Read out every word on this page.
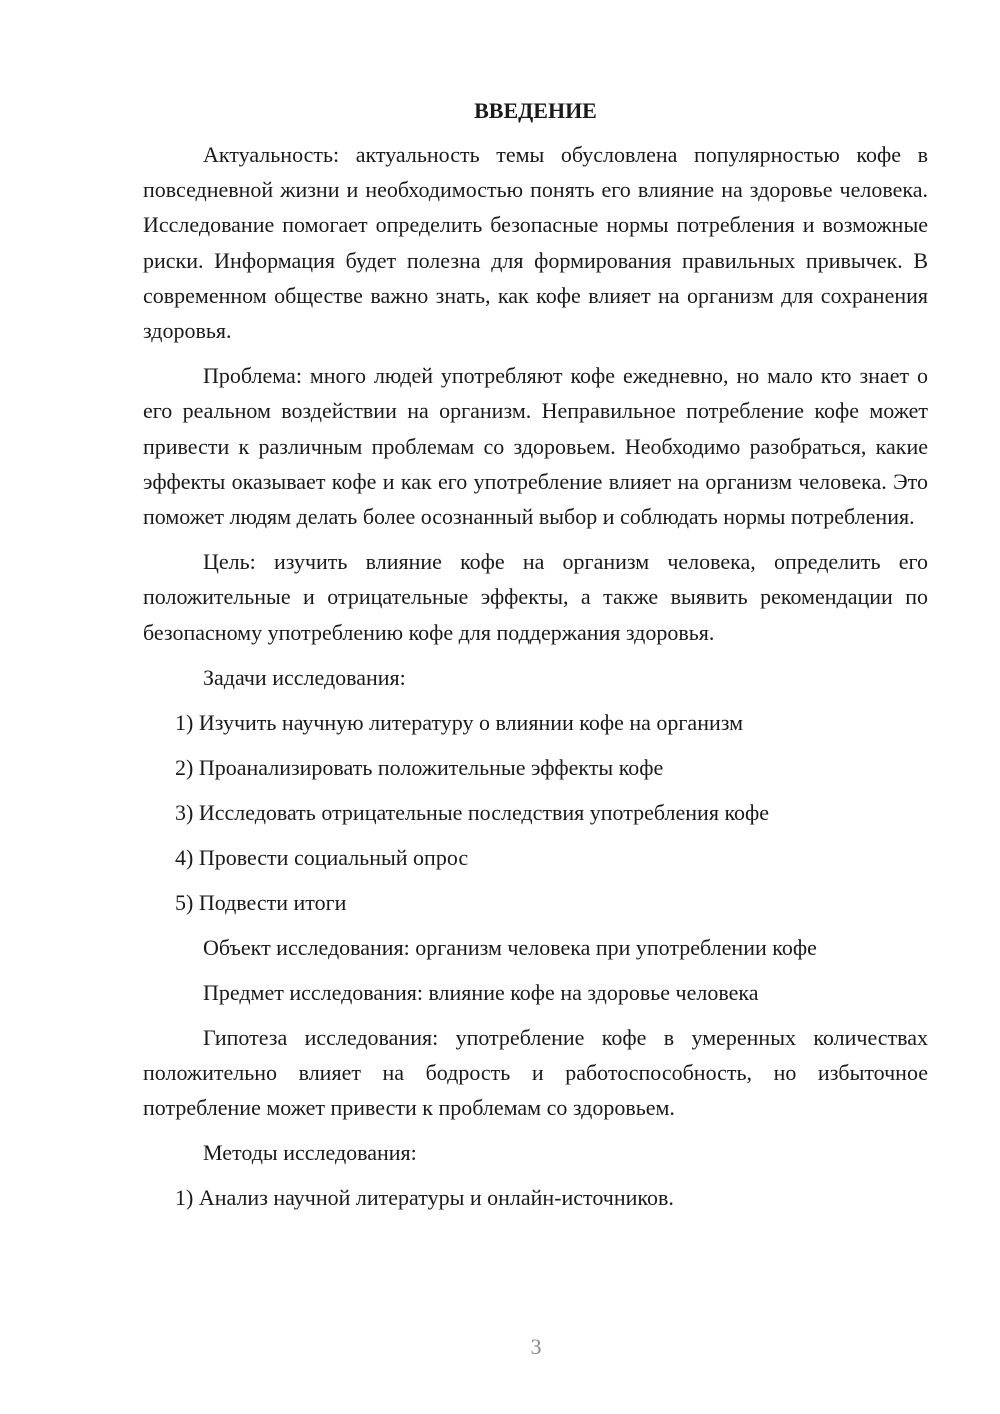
ВВЕДЕНИЕ

Актуальность: актуальность темы обусловлена популярностью кофе в повседневной жизни и необходимостью понять его влияние на здоровье человека. Исследование помогает определить безопасные нормы потребления и возможные риски. Информация будет полезна для формирования правильных привычек. В современном обществе важно знать, как кофе влияет на организм для сохранения здоровья.

Проблема: много людей употребляют кофе ежедневно, но мало кто знает о его реальном воздействии на организм. Неправильное потребление кофе может привести к различным проблемам со здоровьем. Необходимо разобраться, какие эффекты оказывает кофе и как его употребление влияет на организм человека. Это поможет людям делать более осознанный выбор и соблюдать нормы потребления.

Цель: изучить влияние кофе на организм человека, определить его положительные и отрицательные эффекты, а также выявить рекомендации по безопасному употреблению кофе для поддержания здоровья.

Задачи исследования:
1) Изучить научную литературу о влиянии кофе на организм
2) Проанализировать положительные эффекты кофе
3) Исследовать отрицательные последствия употребления кофе
4) Провести социальный опрос
5) Подвести итоги
Объект исследования: организм человека при употреблении кофе
Предмет исследования: влияние кофе на здоровье человека

Гипотеза исследования: употребление кофе в умеренных количествах положительно влияет на бодрость и работоспособность, но избыточное потребление может привести к проблемам со здоровьем.

Методы исследования:
1) Анализ научной литературы и онлайн-источников.
3
